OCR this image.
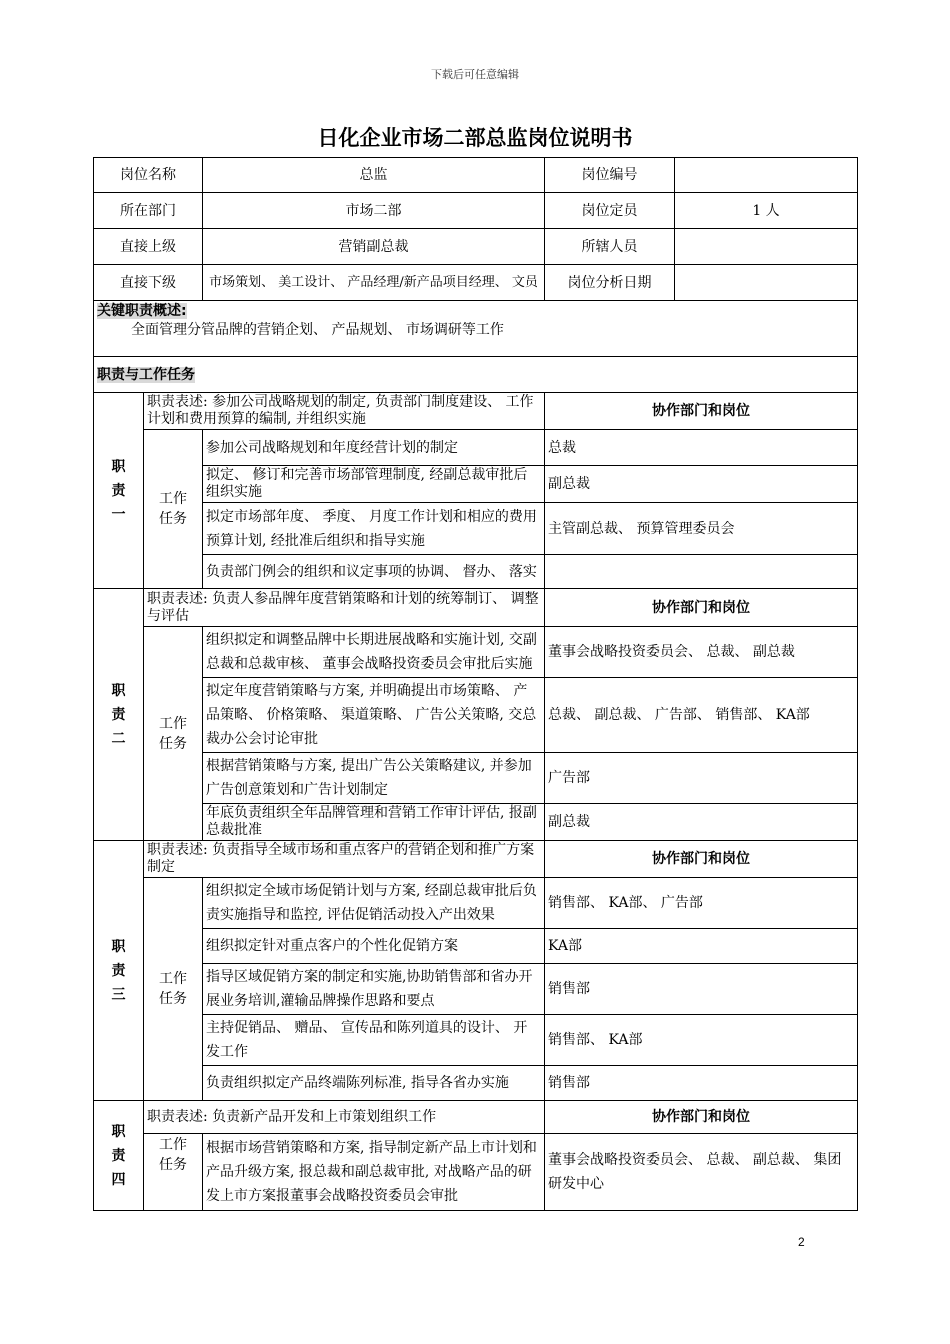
下载后可任意编辑
日化企业市场二部总监岗位说明书
岗位名称		总监	岗位编号	
所在部门		市场二部	岗位定员	1 人
直接上级		营销副总裁	所辖人员	
直接下级		市场策划、 美工设计、 产品经理/新产品项目经理、 文员	岗位分析日期	

关键职责概述:
全面管理分管品牌的营销企划、 产品规划、 市场调研等工作				

职责与工作任务				

职
责
一	职责表述: 参加公司战略规划的制定, 负责部门制度建设、 工作计划和费用预算的编制, 并组织实施		协作部门和岗位	

	工作
任务	参加公司战略规划和年度经营计划的制定	总裁	
		拟定、 修订和完善市场部管理制度, 经副总裁审批后组织实施	副总裁	
		拟定市场部年度、 季度、 月度工作计划和相应的费用预算计划, 经批准后组织和指导实施	主管副总裁、 预算管理委员会	
		负责部门例会的组织和议定事项的协调、 督办、 落实		
职
责
二	职责表述: 负责人参品牌年度营销策略和计划的统筹制订、 调整与评估		协作部门和岗位	

	工作
任务	组织拟定和调整品牌中长期进展战略和实施计划, 交副总裁和总裁审核、 董事会战略投资委员会审批后实施	董事会战略投资委员会、 总裁、 副总裁	
		拟定年度营销策略与方案, 并明确提出市场策略、 产品策略、 价格策略、 渠道策略、 广告公关策略, 交总裁办公会讨论审批	总裁、 副总裁、 广告部、 销售部、 KA部	
		根据营销策略与方案, 提出广告公关策略建议, 并参加广告创意策划和广告计划制定	广告部	
		年底负责组织全年品牌管理和营销工作审计评估, 报副总裁批准	副总裁	
职
责
三	职责表述: 负责指导全域市场和重点客户的营销企划和推广方案制定		协作部门和岗位	

	工作
任务	组织拟定全域市场促销计划与方案, 经副总裁审批后负责实施指导和监控, 评估促销活动投入产出效果	销售部、 KA部、 广告部	
		组织拟定针对重点客户的个性化促销方案	KA部	
		指导区域促销方案的制定和实施,协助销售部和省办开展业务培训,灌输品牌操作思路和要点	销售部	
		主持促销品、 赠品、 宣传品和陈列道具的设计、 开发工作	销售部、 KA部	
		负责组织拟定产品终端陈列标准, 指导各省办实施	销售部	
职
责
四	职责表述: 负责新产品开发和上市策划组织工作		协作部门和岗位	

	工作
任务	根据市场营销策略和方案, 指导制定新产品上市计划和产品升级方案, 报总裁和副总裁审批, 对战略产品的研发上市方案报董事会战略投资委员会审批	董事会战略投资委员会、 总裁、 副总裁、 集团研发中心	
2
